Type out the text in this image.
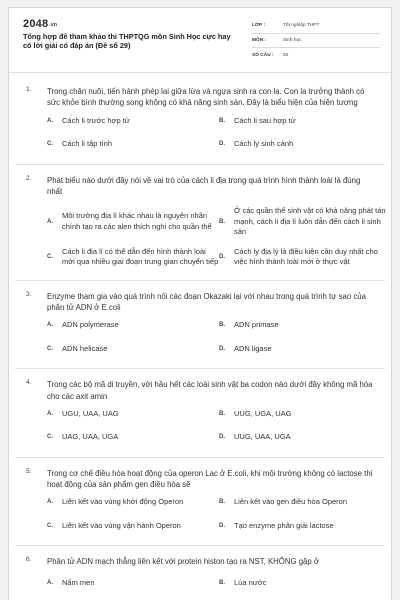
2048.vn
Tổng hợp đề tham khảo thi THPTQG môn Sinh Học cực hay có lời giải có đáp án (Đề số 29)
LỚP :	Tốt nghiệp THPT
MÔN :	Sinh học
SỐ CÂU :	50
1. Trong chăn nuôi, tiến hành phép lai giữa lừa và ngựa sinh ra con la. Con la trưởng thành có sức khỏe bình thường song không có khả năng sinh sản. Đây là biểu hiện của hiện tượng
A. Cách li trước hợp tử	B. Cách li sau hợp tử
C. Cách li tập tính	D. Cách ly sinh cảnh
2. Phát biểu nào dưới đây nói về vai trò của cách li địa trong quá trình hình thành loài là đúng nhất
A.
Môi trường địa lí khác nhau là nguyên nhân chính tạo ra các alen thích nghi cho quần thể
B.
Ở các quần thể sinh vật có khả năng phát tán mạnh, cách li địa lí luôn dẫn đến cách li sinh sản
C.
Cách li địa lí có thể dẫn đến hình thành loài mới qua nhiều giai đoạn trung gian chuyển tiếp
D.
Cách ly địa lý là điều kiện cần duy nhất cho việc hình thành loài mới ở thực vật
3. Enzyme tham gia vào quá trình nối các đoạn Okazaki lại với nhau trong quá trình tự sao của phân tử ADN ở E.coli
A. ADN polymerase	B. ADN primase
C. ADN helicase	D. ADN ligase
4. Trong các bộ mã di truyền, với hầu hết các loài sinh vật ba codon nào dưới đây không mã hóa cho các axit amin
A. UGU, UAA, UAG	B. UUG, UGA, UAG
C. UAG, UAA, UGA	D. UUG, UAA, UGA
5. Trong cơ chế điều hòa hoạt động của operon Lac ở E.coli, khi môi trường không có lactose thì hoạt động của sản phẩm gen điều hòa sẽ
A. Liên kết vào vùng khởi động Operon	B. Liên kết vào gen điều hòa Operon
C. Liên kết vào vùng vận hành Operon	D. Tạo enzyme phân giải lactose
6. Phân tử ADN mạch thẳng liên kết với protein histon tạo ra NST, KHÔNG gặp ở
A. Nấm men	B. Lúa nước
